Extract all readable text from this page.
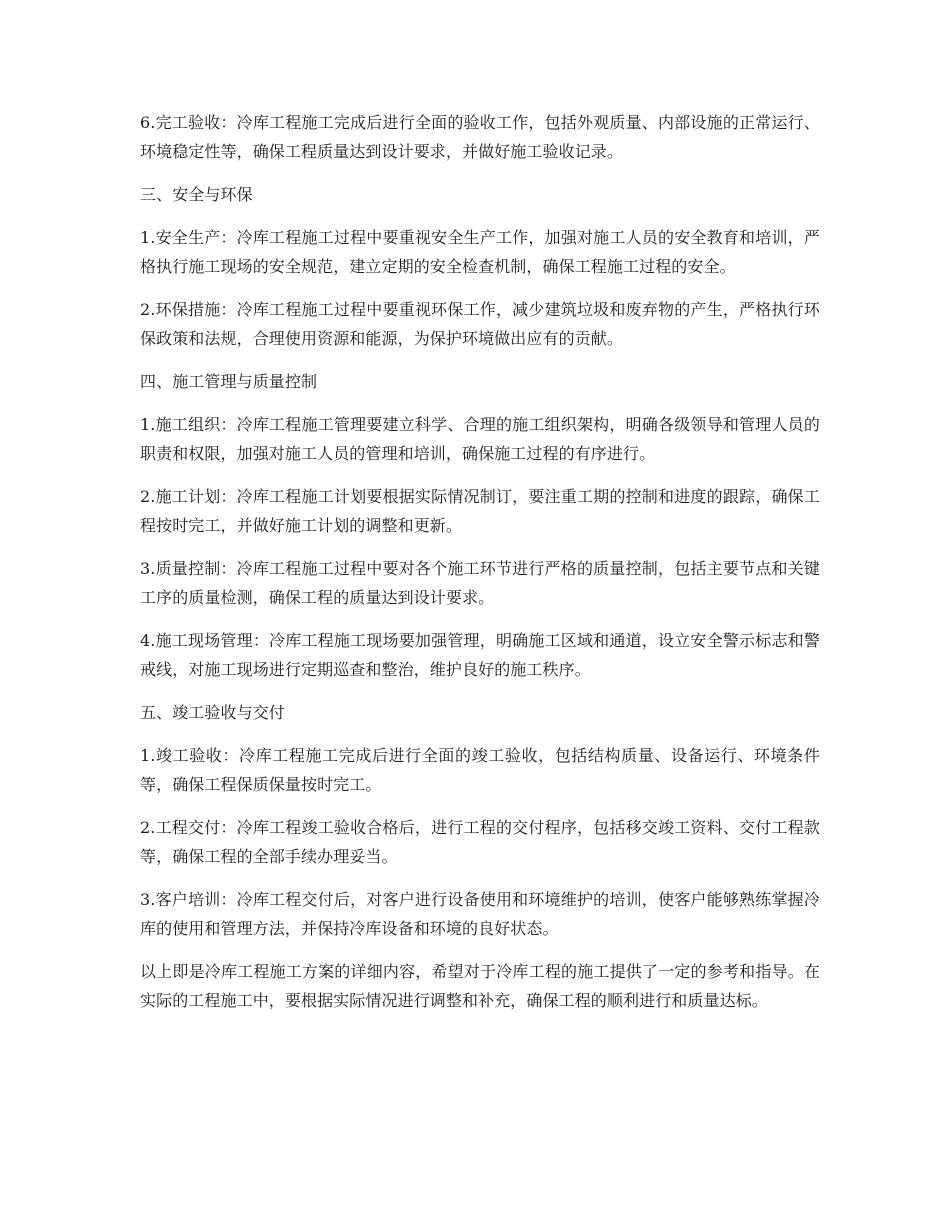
6.完工验收：冷库工程施工完成后进行全面的验收工作，包括外观质量、内部设施的正常运行、环境稳定性等，确保工程质量达到设计要求，并做好施工验收记录。

三、安全与环保

1.安全生产：冷库工程施工过程中要重视安全生产工作，加强对施工人员的安全教育和培训，严格执行施工现场的安全规范，建立定期的安全检查机制，确保工程施工过程的安全。

2.环保措施：冷库工程施工过程中要重视环保工作，减少建筑垃圾和废弃物的产生，严格执行环保政策和法规，合理使用资源和能源，为保护环境做出应有的贡献。

四、施工管理与质量控制

1.施工组织：冷库工程施工管理要建立科学、合理的施工组织架构，明确各级领导和管理人员的职责和权限，加强对施工人员的管理和培训，确保施工过程的有序进行。

2.施工计划：冷库工程施工计划要根据实际情况制订，要注重工期的控制和进度的跟踪，确保工程按时完工，并做好施工计划的调整和更新。

3.质量控制：冷库工程施工过程中要对各个施工环节进行严格的质量控制，包括主要节点和关键工序的质量检测，确保工程的质量达到设计要求。

4.施工现场管理：冷库工程施工现场要加强管理，明确施工区域和通道，设立安全警示标志和警戒线，对施工现场进行定期巡查和整治，维护良好的施工秩序。

五、竣工验收与交付

1.竣工验收：冷库工程施工完成后进行全面的竣工验收，包括结构质量、设备运行、环境条件等，确保工程保质保量按时完工。

2.工程交付：冷库工程竣工验收合格后，进行工程的交付程序，包括移交竣工资料、交付工程款等，确保工程的全部手续办理妥当。

3.客户培训：冷库工程交付后，对客户进行设备使用和环境维护的培训，使客户能够熟练掌握冷库的使用和管理方法，并保持冷库设备和环境的良好状态。

以上即是冷库工程施工方案的详细内容，希望对于冷库工程的施工提供了一定的参考和指导。在实际的工程施工中，要根据实际情况进行调整和补充，确保工程的顺利进行和质量达标。
